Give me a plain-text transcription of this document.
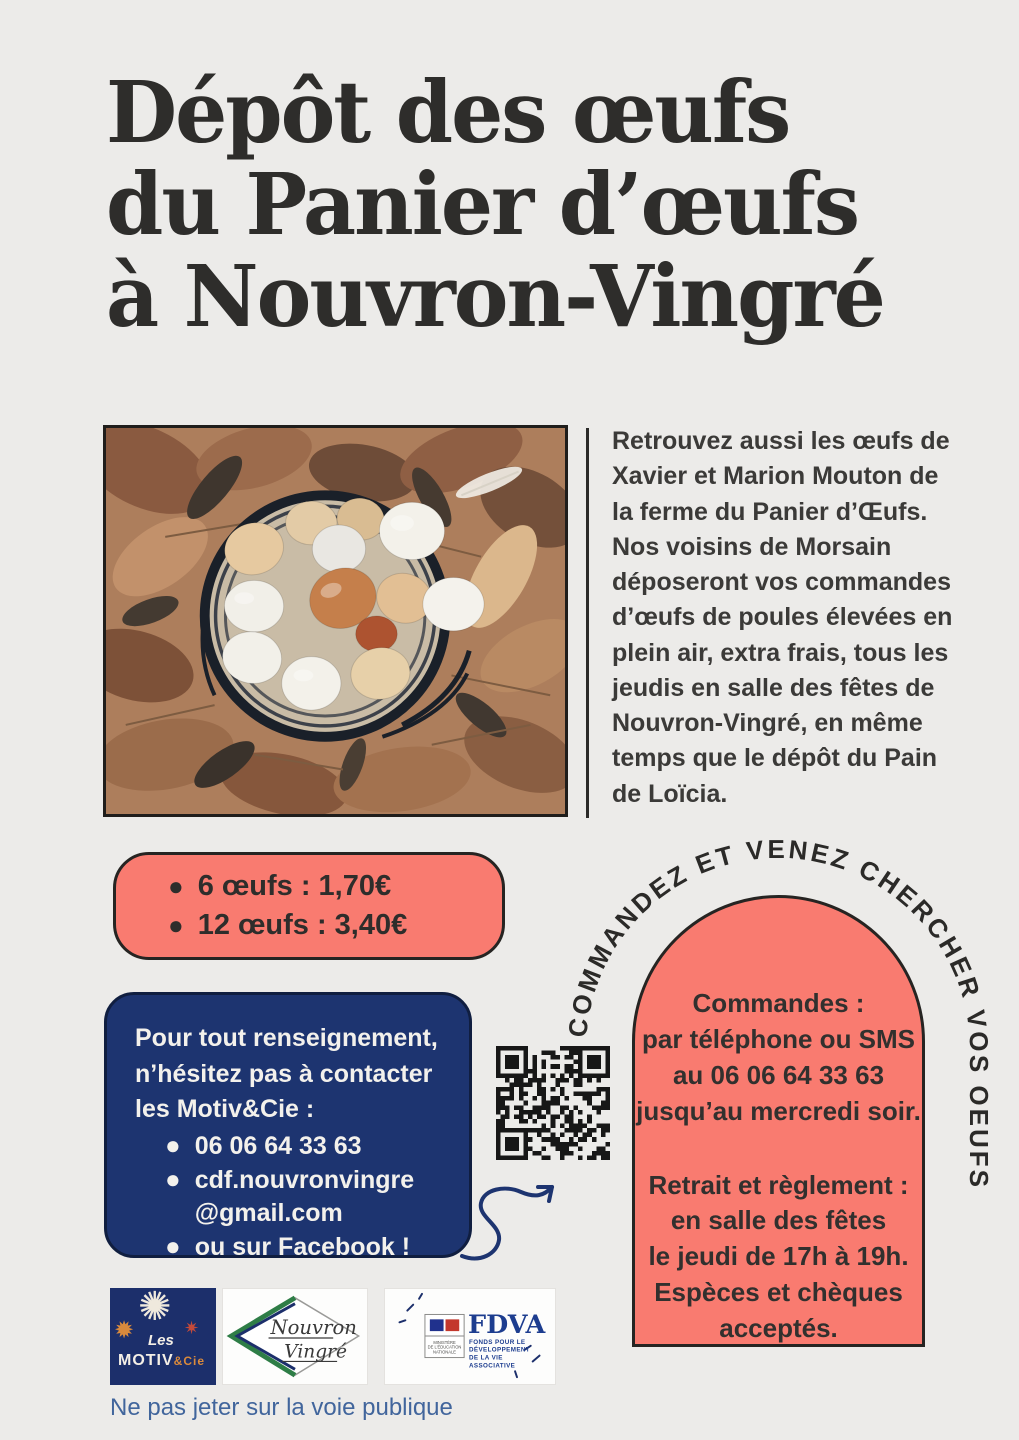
Dépôt des œufs
du Panier d’œufs
à Nouvron-Vingré

Retrouvez aussi les œufs de Xavier et Marion Mouton de la ferme du Panier d’Œufs. Nos voisins de Morsain déposeront vos commandes d’œufs de poules élevées en plein air, extra frais, tous les jeudis en salle des fêtes de Nouvron-Vingré, en même temps que le dépôt du Pain de Loïcia.

● 6 œufs : 1,70€
● 12 œufs : 3,40€
Pour tout renseignement, n’hésitez pas à contacter les Motiv&Cie :
● 06 06 64 33 63
● cdf.nouvronvingre @gmail.com
● ou sur Facebook !
Commandes :
par téléphone ou SMS
au 06 06 64 33 63
jusqu’au mercredi soir.
Retrait et règlement :
en salle des fêtes
le jeudi de 17h à 19h.
Espèces et chèques
acceptés.
COMMANDEZ ET VENEZ CHERCHER VOS OEUFS
✺
✹	✷
Les
MOTIV&Cie
Nouvron
Vingré	MINISTÈRE
DE L’ÉDUCATION
NATIONALE
FDVA
FONDS POUR LE
DÉVELOPPEMENT
DE LA VIE
ASSOCIATIVE
Ne pas jeter sur la voie publique
